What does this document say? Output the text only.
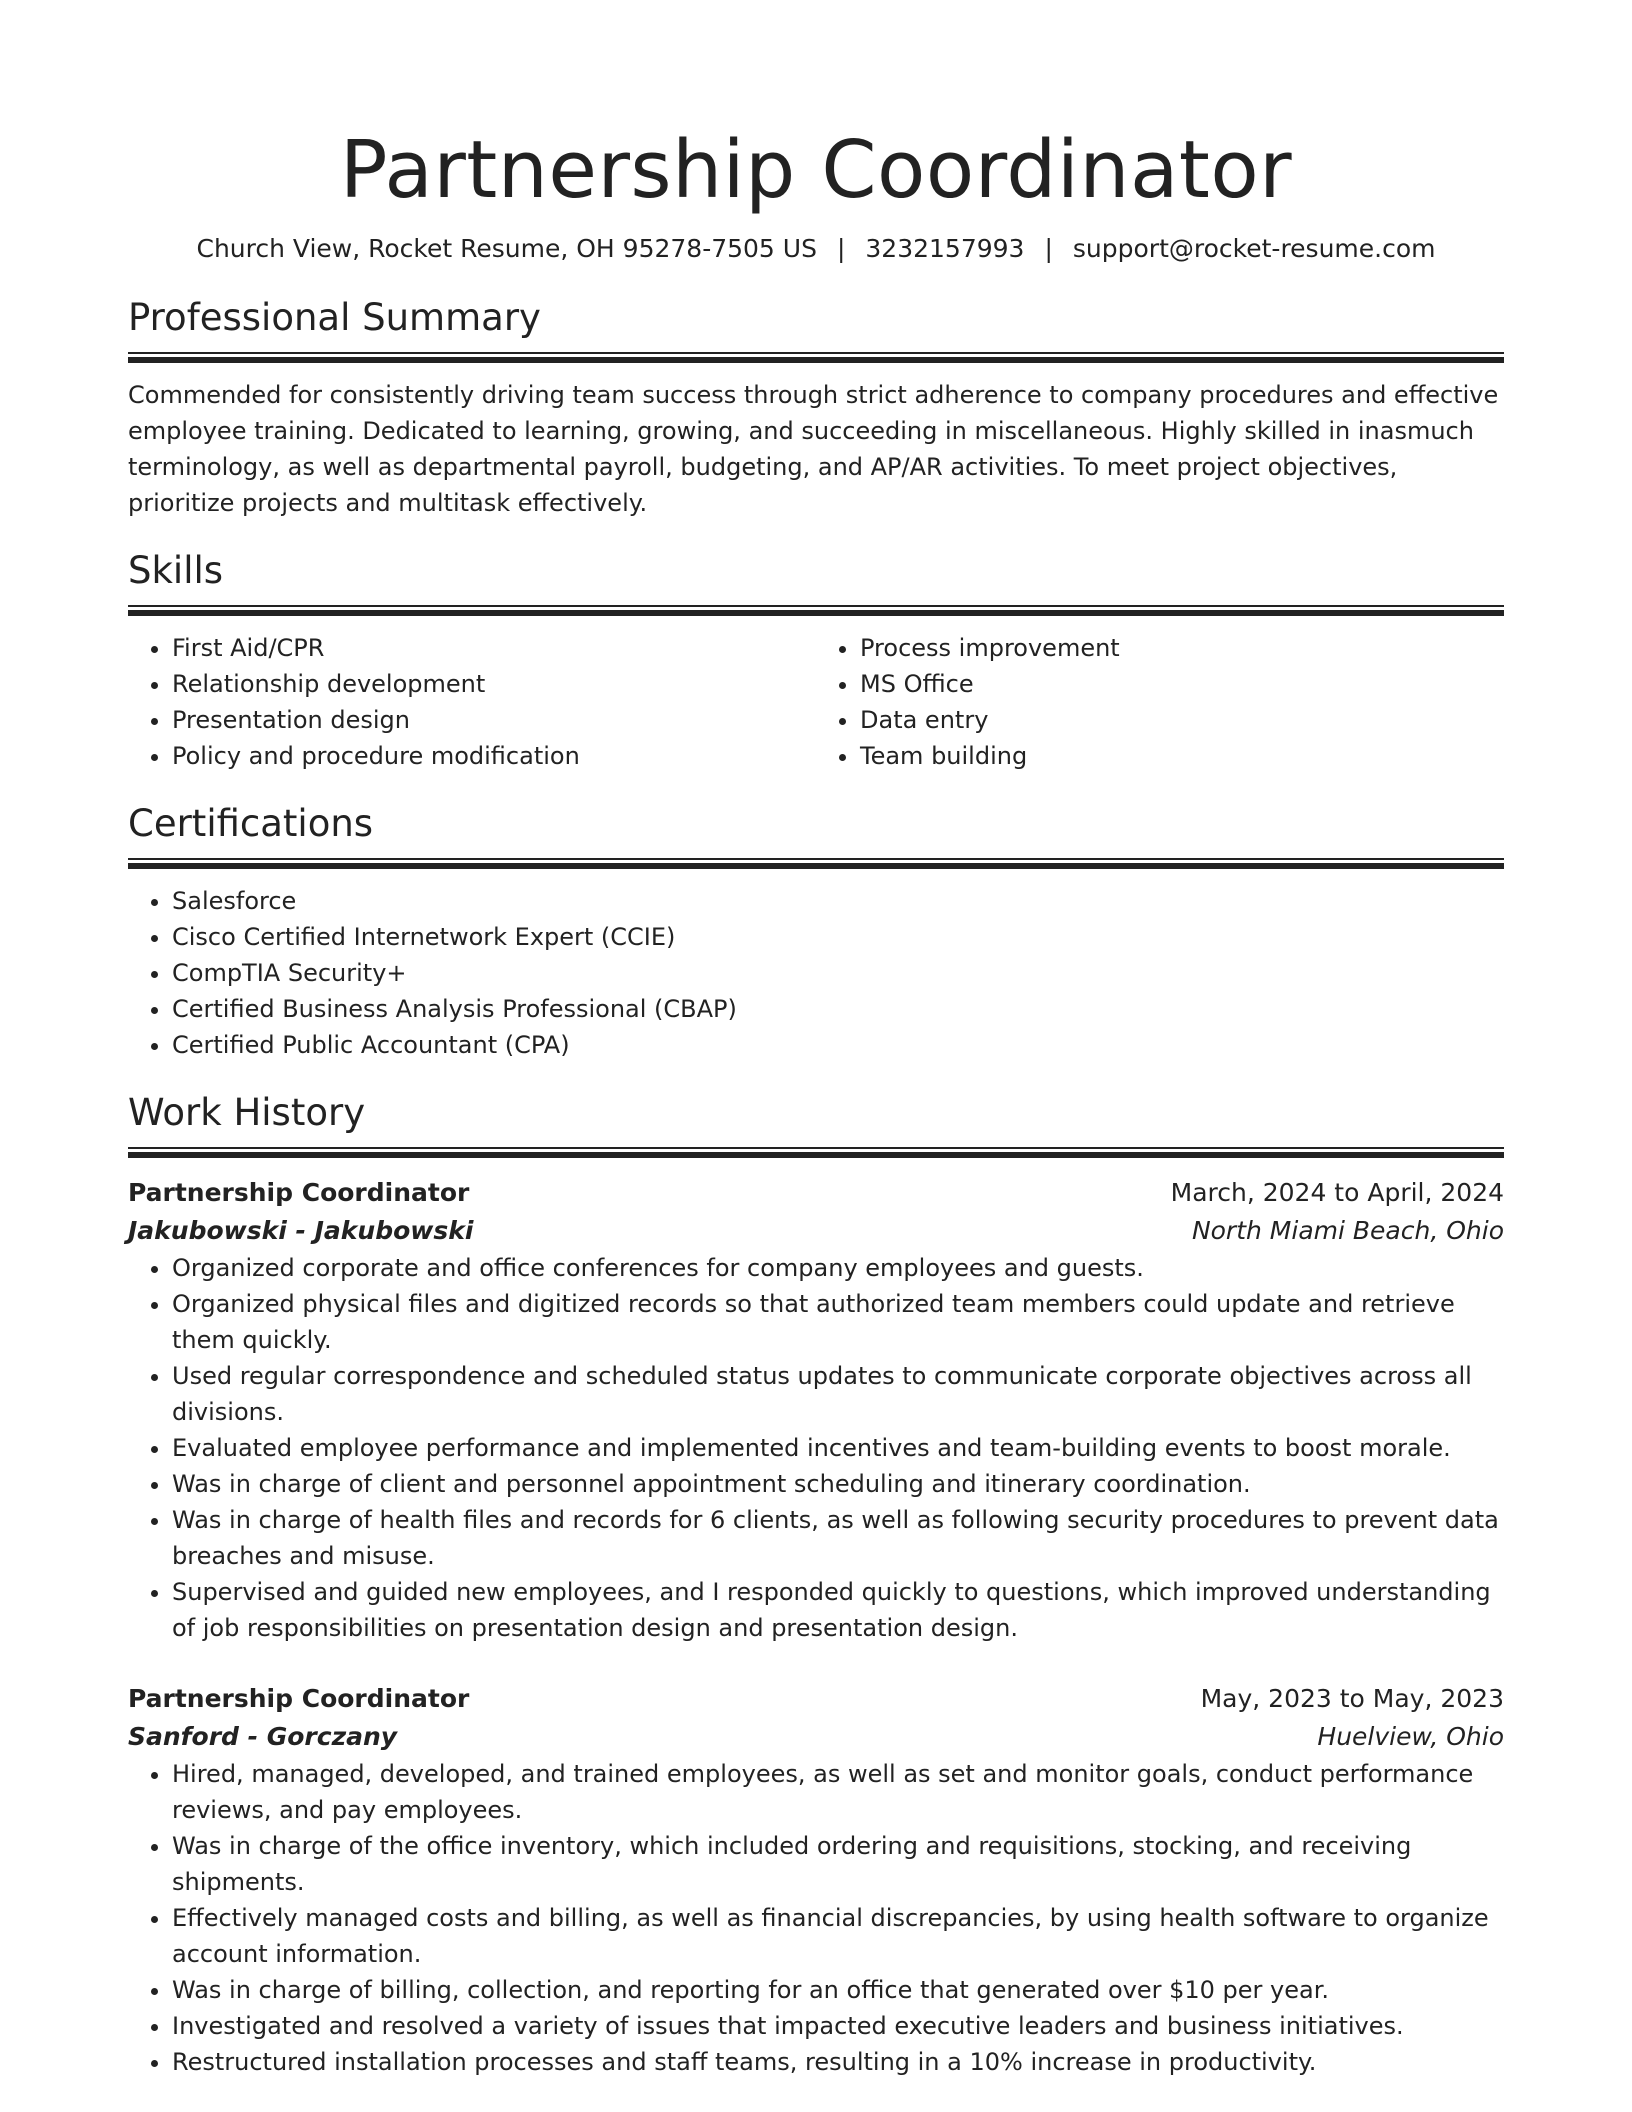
Partnership Coordinator
Church View, Rocket Resume, OH 95278-7505 US | 3232157993 | support@rocket-resume.com
Professional Summary

Commended for consistently driving team success through strict adherence to company procedures and effective employee training. Dedicated to learning, growing, and succeeding in miscellaneous. Highly skilled in inasmuch terminology, as well as departmental payroll, budgeting, and AP/AR activities. To meet project objectives, prioritize projects and multitask effectively.

Skills
• First Aid/CPR
• Relationship development
• Presentation design
• Policy and procedure modification
• Process improvement
• MS Office
• Data entry
• Team building
Certifications
• Salesforce
• Cisco Certified Internetwork Expert (CCIE)
• CompTIA Security+
• Certified Business Analysis Professional (CBAP)
• Certified Public Accountant (CPA)
Work History
Partnership Coordinator	March, 2024 to April, 2024
Jakubowski - Jakubowski	North Miami Beach, Ohio
• Organized corporate and office conferences for company employees and guests.
• Organized physical files and digitized records so that authorized team members could update and retrieve them quickly.
• Used regular correspondence and scheduled status updates to communicate corporate objectives across all divisions.
• Evaluated employee performance and implemented incentives and team-building events to boost morale.
• Was in charge of client and personnel appointment scheduling and itinerary coordination.
• Was in charge of health files and records for 6 clients, as well as following security procedures to prevent data breaches and misuse.
• Supervised and guided new employees, and I responded quickly to questions, which improved understanding of job responsibilities on presentation design and presentation design.
Partnership Coordinator	May, 2023 to May, 2023
Sanford - Gorczany	Huelview, Ohio
• Hired, managed, developed, and trained employees, as well as set and monitor goals, conduct performance reviews, and pay employees.
• Was in charge of the office inventory, which included ordering and requisitions, stocking, and receiving shipments.
• Effectively managed costs and billing, as well as financial discrepancies, by using health software to organize account information.
• Was in charge of billing, collection, and reporting for an office that generated over $10 per year.
• Investigated and resolved a variety of issues that impacted executive leaders and business initiatives.
• Restructured installation processes and staff teams, resulting in a 10% increase in productivity.
